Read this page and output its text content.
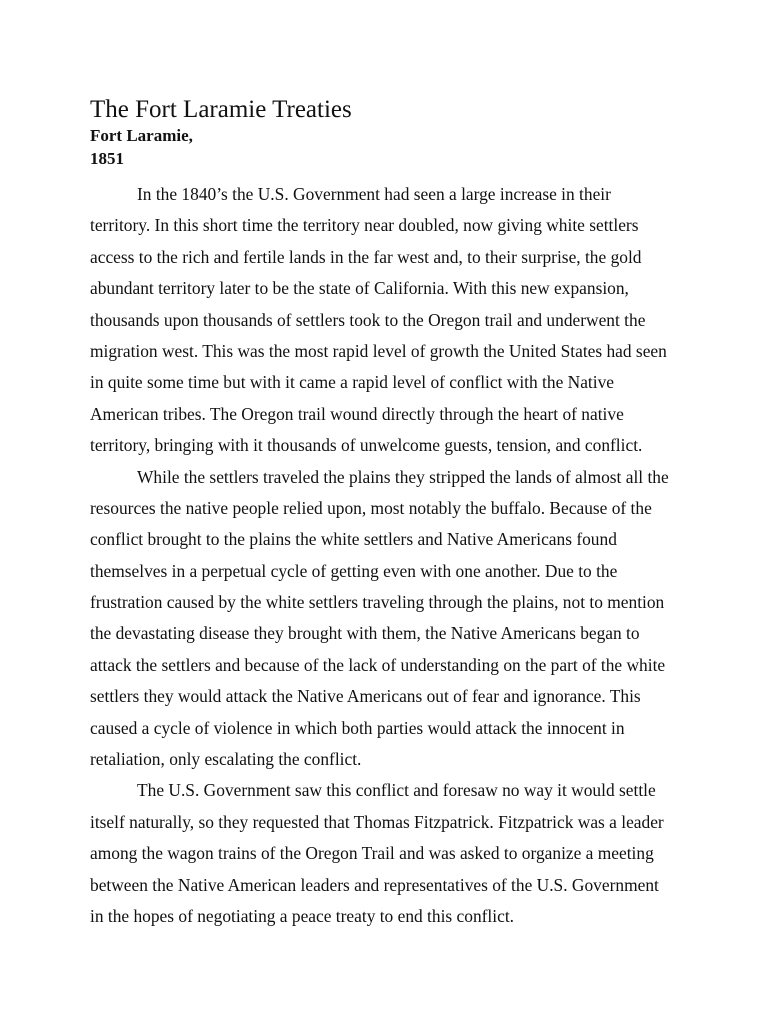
The Fort Laramie Treaties
Fort Laramie,
1851
In the 1840’s the U.S. Government had seen a large increase in their
territory. In this short time the territory near doubled, now giving white settlers
access to the rich and fertile lands in the far west and, to their surprise, the gold
abundant territory later to be the state of California. With this new expansion,
thousands upon thousands of settlers took to the Oregon trail and underwent the
migration west. This was the most rapid level of growth the United States had seen
in quite some time but with it came a rapid level of conflict with the Native
American tribes. The Oregon trail wound directly through the heart of native
territory, bringing with it thousands of unwelcome guests, tension, and conflict.
While the settlers traveled the plains they stripped the lands of almost all the
resources the native people relied upon, most notably the buffalo. Because of the
conflict brought to the plains the white settlers and Native Americans found
themselves in a perpetual cycle of getting even with one another. Due to the
frustration caused by the white settlers traveling through the plains, not to mention
the devastating disease they brought with them, the Native Americans began to
attack the settlers and because of the lack of understanding on the part of the white
settlers they would attack the Native Americans out of fear and ignorance. This
caused a cycle of violence in which both parties would attack the innocent in
retaliation, only escalating the conflict.
The U.S. Government saw this conflict and foresaw no way it would settle
itself naturally, so they requested that Thomas Fitzpatrick. Fitzpatrick was a leader
among the wagon trains of the Oregon Trail and was asked to organize a meeting
between the Native American leaders and representatives of the U.S. Government
in the hopes of negotiating a peace treaty to end this conflict.
